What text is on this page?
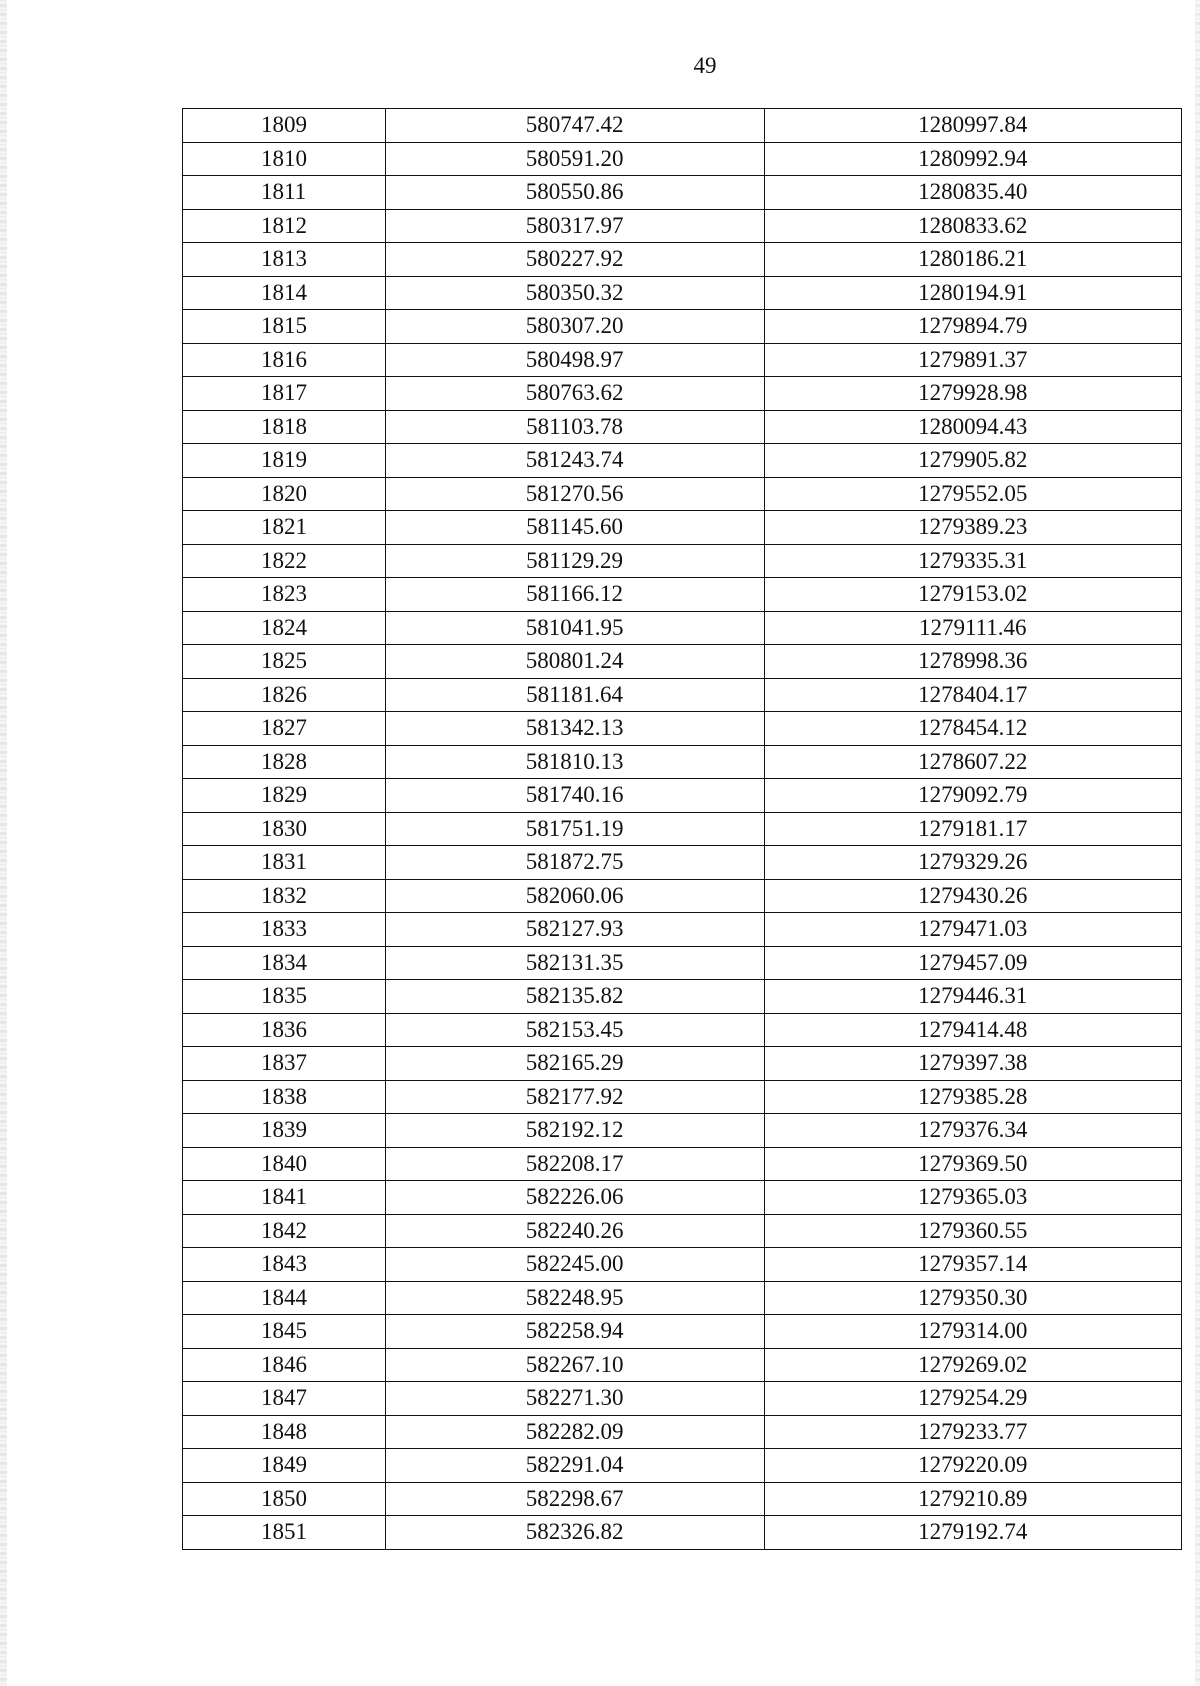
49
1809	580747.42	1280997.84
1810	580591.20	1280992.94
1811	580550.86	1280835.40
1812	580317.97	1280833.62
1813	580227.92	1280186.21
1814	580350.32	1280194.91
1815	580307.20	1279894.79
1816	580498.97	1279891.37
1817	580763.62	1279928.98
1818	581103.78	1280094.43
1819	581243.74	1279905.82
1820	581270.56	1279552.05
1821	581145.60	1279389.23
1822	581129.29	1279335.31
1823	581166.12	1279153.02
1824	581041.95	1279111.46
1825	580801.24	1278998.36
1826	581181.64	1278404.17
1827	581342.13	1278454.12
1828	581810.13	1278607.22
1829	581740.16	1279092.79
1830	581751.19	1279181.17
1831	581872.75	1279329.26
1832	582060.06	1279430.26
1833	582127.93	1279471.03
1834	582131.35	1279457.09
1835	582135.82	1279446.31
1836	582153.45	1279414.48
1837	582165.29	1279397.38
1838	582177.92	1279385.28
1839	582192.12	1279376.34
1840	582208.17	1279369.50
1841	582226.06	1279365.03
1842	582240.26	1279360.55
1843	582245.00	1279357.14
1844	582248.95	1279350.30
1845	582258.94	1279314.00
1846	582267.10	1279269.02
1847	582271.30	1279254.29
1848	582282.09	1279233.77
1849	582291.04	1279220.09
1850	582298.67	1279210.89
1851	582326.82	1279192.74
